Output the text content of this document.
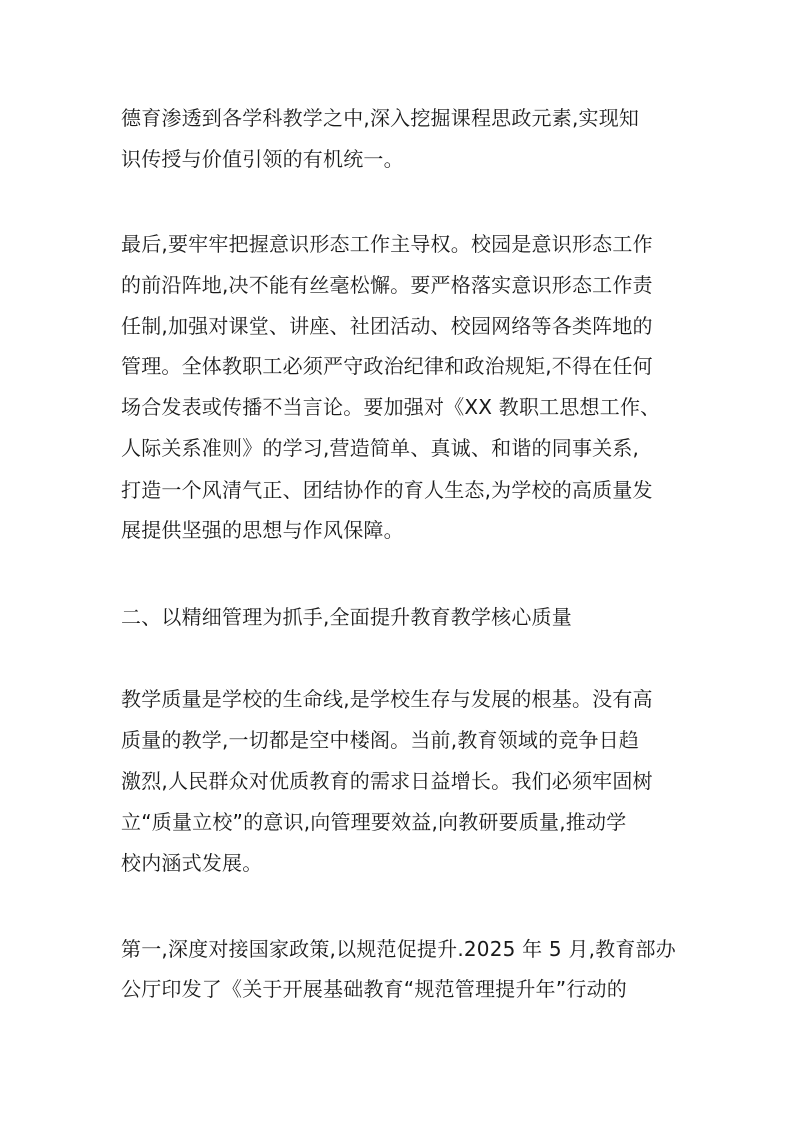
德育渗透到各学科教学之中,深入挖掘课程思政元素,实现知
识传授与价值引领的有机统一。
最后,要牢牢把握意识形态工作主导权。校园是意识形态工作
的前沿阵地,决不能有丝毫松懈。要严格落实意识形态工作责
任制,加强对课堂、讲座、社团活动、校园网络等各类阵地的
管理。全体教职工必须严守政治纪律和政治规矩,不得在任何
场合发表或传播不当言论。要加强对《XX 教职工思想工作、
人际关系准则》的学习,营造简单、真诚、和谐的同事关系,
打造一个风清气正、团结协作的育人生态,为学校的高质量发
展提供坚强的思想与作风保障。
二、以精细管理为抓手,全面提升教育教学核心质量
教学质量是学校的生命线,是学校生存与发展的根基。没有高
质量的教学,一切都是空中楼阁。当前,教育领域的竞争日趋
激烈,人民群众对优质教育的需求日益增长。我们必须牢固树
立“质量立校”的意识,向管理要效益,向教研要质量,推动学
校内涵式发展。
第一,深度对接国家政策,以规范促提升.2025 年 5 月,教育部办
公厅印发了《关于开展基础教育“规范管理提升年”行动的
